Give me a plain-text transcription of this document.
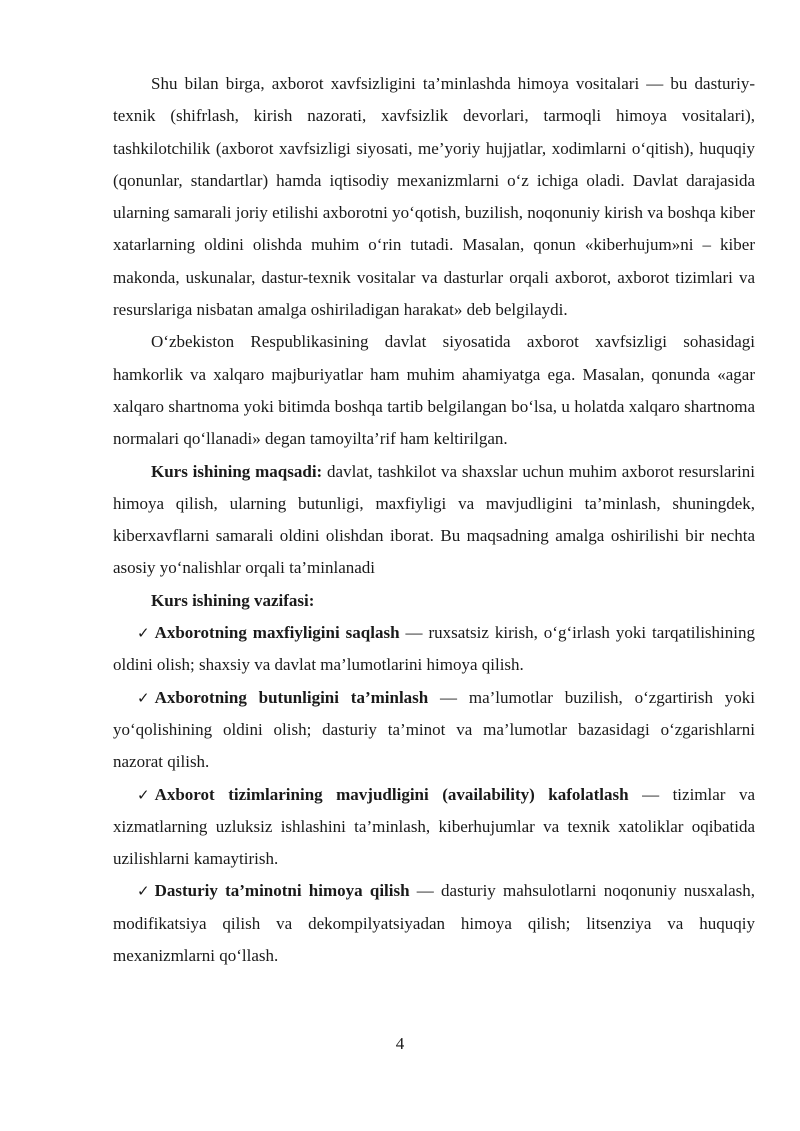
Shu bilan birga, axborot xavfsizligini ta’minlashda himoya vositalari — bu dasturiy-texnik (shifrlash, kirish nazorati, xavfsizlik devorlari, tarmoqli himoya vositalari), tashkilotchilik (axborot xavfsizligi siyosati, me’yoriy hujjatlar, xodimlarni o‘qitish), huquqiy (qonunlar, standartlar) hamda iqtisodiy mexanizmlarni o‘z ichiga oladi. Davlat darajasida ularning samarali joriy etilishi axborotni yo‘qotish, buzilish, noqonuniy kirish va boshqa kiber xatarlarning oldini olishda muhim o‘rin tutadi. Masalan, qonun «kiberhujum»ni – kiber makonda, uskunalar, dastur-texnik vositalar va dasturlar orqali axborot, axborot tizimlari va resurslariga nisbatan amalga oshiriladigan harakat» deb belgilaydi.

O‘zbekiston Respublikasining davlat siyosatida axborot xavfsizligi sohasidagi hamkorlik va xalqaro majburiyatlar ham muhim ahamiyatga ega. Masalan, qonunda «agar xalqaro shartnoma yoki bitimda boshqa tartib belgilangan bo‘lsa, u holatda xalqaro shartnoma normalari qo‘llanadi» degan tamoyilta’rif ham keltirilgan.

Kurs ishining maqsadi: davlat, tashkilot va shaxslar uchun muhim axborot resurslarini himoya qilish, ularning butunligi, maxfiyligi va mavjudligini ta’minlash, shuningdek, kiberxavflarni samarali oldini olishdan iborat. Bu maqsadning amalga oshirilishi bir nechta asosiy yo‘nalishlar orqali ta’minlanadi

Kurs ishining vazifasi:

✓ Axborotning maxfiyligini saqlash — ruxsatsiz kirish, o‘g‘irlash yoki tarqatilishining oldini olish; shaxsiy va davlat ma’lumotlarini himoya qilish.

✓ Axborotning butunligini ta’minlash — ma’lumotlar buzilish, o‘zgartirish yoki yo‘qolishining oldini olish; dasturiy ta’minot va ma’lumotlar bazasidagi o‘zgarishlarni nazorat qilish.

✓ Axborot tizimlarining mavjudligini (availability) kafolatlash — tizimlar va xizmatlarning uzluksiz ishlashini ta’minlash, kiberhujumlar va texnik xatoliklar oqibatida uzilishlarni kamaytirish.

✓ Dasturiy ta’minotni himoya qilish — dasturiy mahsulotlarni noqonuniy nusxalash, modifikatsiya qilish va dekompilyatsiyadan himoya qilish; litsenziya va huquqiy mexanizmlarni qo‘llash.

4
